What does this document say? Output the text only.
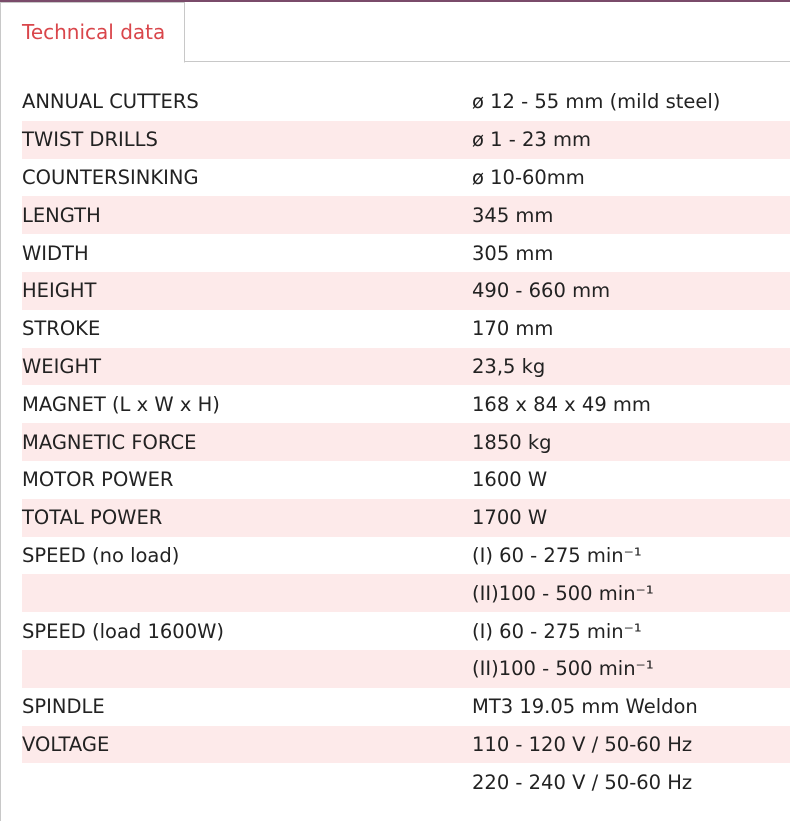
Technical data
ANNUAL CUTTERS	ø 12 - 55 mm (mild steel)
TWIST DRILLS	ø 1 - 23 mm
COUNTERSINKING	ø 10-60mm
LENGTH	345 mm
WIDTH	305 mm
HEIGHT	490 - 660 mm
STROKE	170 mm
WEIGHT	23,5 kg
MAGNET (L x W x H)	168 x 84 x 49 mm
MAGNETIC FORCE	1850 kg
MOTOR POWER	1600 W
TOTAL POWER	1700 W
SPEED (no load)	(I) 60 - 275 min⁻¹
	(II)100 - 500 min⁻¹
SPEED (load 1600W)	(I) 60 - 275 min⁻¹
	(II)100 - 500 min⁻¹
SPINDLE	MT3 19.05 mm Weldon
VOLTAGE	110 - 120 V / 50-60 Hz
	220 - 240 V / 50-60 Hz
